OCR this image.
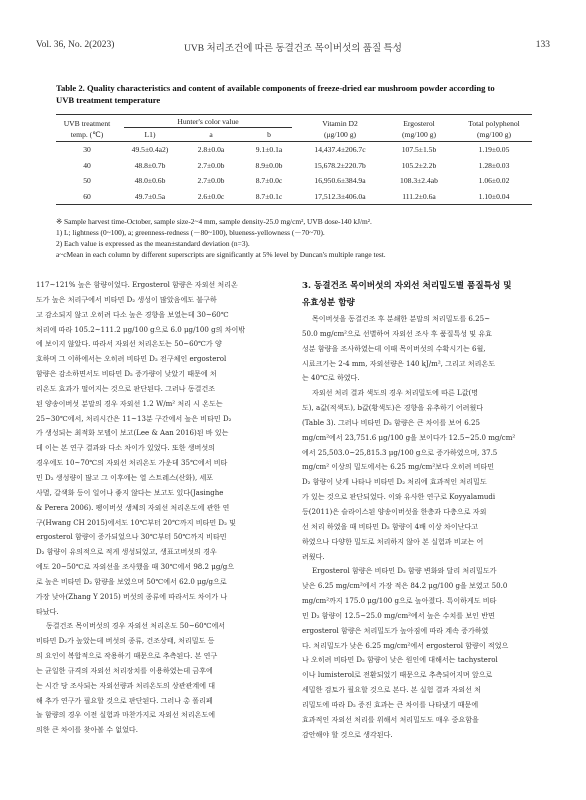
Vol. 36, No. 2(2023)	UVB 처리조건에 따른 동결건조 목이버섯의 품질 특성	133
Table 2. Quality characteristics and content of available components of freeze-dried ear mushroom powder according to
UVB treatment temperature
UVB treatment	Hunter's color value			Vitamin D2	Ergosterol	Total polyphenol
temp. (℃)	L1)	a	b	(μg/100 g)	(mg/100 g)	(mg/100 g)
30	49.5±0.4a2)	2.8±0.0a	9.1±0.1a	14,437.4±206.7c	107.5±1.5b	1.19±0.05
40	48.8±0.7b	2.7±0.0b	8.9±0.0b	15,678.2±220.7b	105.2±2.2b	1.28±0.03
50	48.0±0.6b	2.7±0.0b	8.7±0.0c	16,950.6±384.9a	108.3±2.4ab	1.06±0.02
60	49.7±0.5a	2.6±0.0c	8.7±0.1c	17,512.3±406.0a	111.2±0.6a	1.10±0.04

※ Sample harvest time-October, sample size-2~4 mm, sample density-25.0 mg/cm², UVB dose-140 kJ/m².

1) L; lightness (0~100), a; greenness-redness (－80~100), blueness-yellowness (－70~70).

2) Each value is expressed as the mean±standard deviation (n=3).

a~cMean in each column by different superscripts are significantly at 5% level by Duncan's multiple range test.

117~121% 높은 함량이었다. Ergosterol 함량은 자외선 처리온

도가 높은 처리구에서 비타민 D₂ 생성이 많았음에도 불구하

고 감소되지 않고 오히려 다소 높은 경향을 보였는데 30~60℃

처리에 따라 105.2~111.2 μg/100 g으로 6.0 μg/100 g의 차이밖

에 보이지 않았다. 따라서 자외선 처리온도는 50~60℃가 양

호하며 그 이하에서는 오히려 비타민 D₂ 전구체인 ergosterol

함량은 감소하면서도 비타민 D₂ 증가량이 낮았기 때문에 처

리온도 효과가 떨어지는 것으로 판단된다. 그러나 동결건조

된 양송이버섯 분말의 경우 자외선 1.2 W/m² 처리 시 온도는

25~30℃에서, 처리시간은 11~13분 구간에서 높은 비타민 D₂

가 생성되는 최적화 모델이 보고(Lee & Aan 2016)된 바 있는

데 이는 본 연구 결과와 다소 차이가 있었다. 또한 생버섯의

경우에도 10~70℃의 자외선 처리온도 가운데 35℃에서 비타

민 D₂ 생성량이 많고 그 이후에는 열 스트레스(산화), 세포

사멸, 갈색화 등이 일어나 좋지 않다는 보고도 있다(Jasinghe

& Perera 2006). 팽이버섯 생체의 자외선 처리온도에 관한 연

구(Hwang CH 2015)에서도 10℃부터 20℃까지 비타민 D₂ 및

ergosterol 함량이 증가되었으나 30℃부터 50℃까지 비타민

D₂ 함량이 유의적으로 적게 생성되었고, 생표고버섯의 경우

에도 20~50℃로 자외선을 조사했을 때 30℃에서 98.2 μg/g으

로 높은 비타민 D₂ 함량을 보였으며 50℃에서 62.0 μg/g으로

가장 낮아(Zhang Y 2015) 버섯의 종류에 따라서도 차이가 나

타났다.

동결건조 목이버섯의 경우 자외선 처리온도 50~60℃에서

비타민 D₂가 높았는데 버섯의 종류, 건조상태, 처리밀도 등

의 요인이 복합적으로 작용하기 때문으로 추측된다. 본 연구

는 균일한 규격의 자외선 처리장치를 이용하였는데 금후에

는 시간 당 조사되는 자외선량과 처리온도의 상관관계에 대

해 추가 연구가 필요할 것으로 판단된다. 그러나 총 폴리페

놀 함량의 경우 이전 실험과 마찬가지로 자외선 처리온도에

의한 큰 차이를 찾아볼 수 없었다.

3. 동결건조 목이버섯의 자외선 처리밀도별 품질특성 및

유효성분 함량

목이버섯을 동결건조 후 분쇄한 분말의 처리밀도를 6.25~

50.0 mg/cm²으로 선별하여 자외선 조사 후 품질특성 및 유효

성분 함량을 조사하였는데 이때 목이버섯의 수확시기는 6월,

시료크기는 2-4 mm, 자외선량은 140 kJ/m², 그리고 처리온도

는 40℃로 하였다.

자외선 처리 결과 색도의 경우 처리밀도에 따른 L값(명

도), a값(적색도), b값(황색도)은 경향을 유추하기 어려웠다

(Table 3). 그러나 비타민 D₂ 함량은 큰 차이를 보여 6.25

mg/cm²에서 23,751.6 μg/100 g을 보이다가 12.5~25.0 mg/cm²

에서 25,503.0~25,815.3 μg/100 g으로 증가하였으며, 37.5

mg/cm² 이상의 밀도에서는 6.25 mg/cm²보다 오히려 비타민

D₂ 함량이 낮게 나타나 비타민 D₂ 처리에 효과적인 처리밀도

가 있는 것으로 판단되었다. 이와 유사한 연구로 Koyyalamudi

등(2011)은 슬라이스된 양송이버섯을 한층과 다층으로 자외

선 처리 하였을 때 비타민 D₂ 함량이 4배 이상 차이난다고

하였으나 다양한 밀도로 처리하지 않아 본 실험과 비교는 어

려웠다.

Ergosterol 함량은 비타민 D₂ 함량 변화와 달리 처리밀도가

낮은 6.25 mg/cm²에서 가장 적은 84.2 μg/100 g을 보였고 50.0

mg/cm²까지 175.0 μg/100 g으로 높아졌다. 특이하게도 비타

민 D₂ 함량이 12.5~25.0 mg/cm²에서 높은 수치를 보인 반면

ergosterol 함량은 처리밀도가 높아짐에 따라 계속 증가하였

다. 처리밀도가 낮은 6.25 mg/cm²에서 ergosterol 함량이 적었으

나 오히려 비타민 D₂ 함량이 낮은 원인에 대해서는 tachysterol

이나 lumisterol로 전환되었기 때문으로 추측되어지며 앞으로

세밀한 검토가 필요할 것으로 본다. 본 실험 결과 자외선 처

리밀도에 따라 D₂ 증진 효과는 큰 차이를 나타냈기 때문에

효과적인 자외선 처리를 위해서 처리밀도도 매우 중요함을

감안해야 할 것으로 생각된다.
